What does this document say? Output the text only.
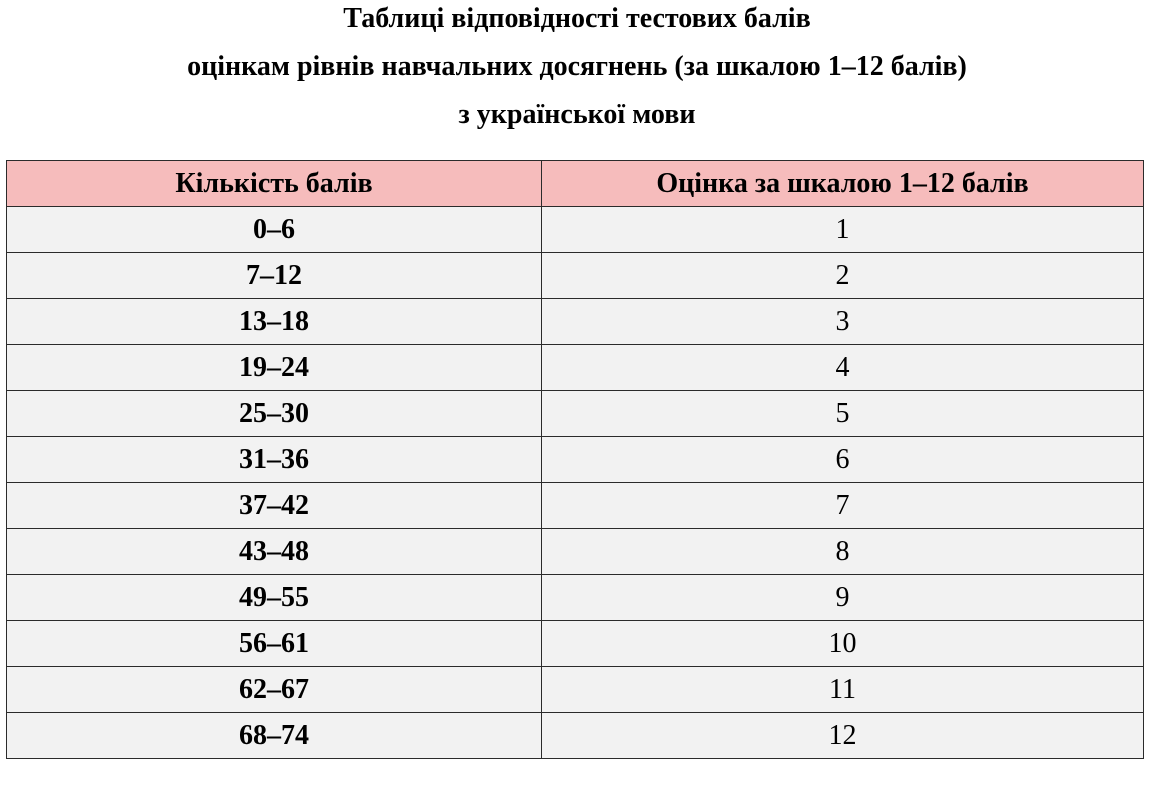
Таблиці відповідності тестових балів
оцінкам рівнів навчальних досягнень (за шкалою 1–12 балів)
з української мови
Кількість балів	Оцінка за шкалою 1–12 балів
0–6	1
7–12	2
13–18	3
19–24	4
25–30	5
31–36	6
37–42	7
43–48	8
49–55	9
56–61	10
62–67	11
68–74	12
